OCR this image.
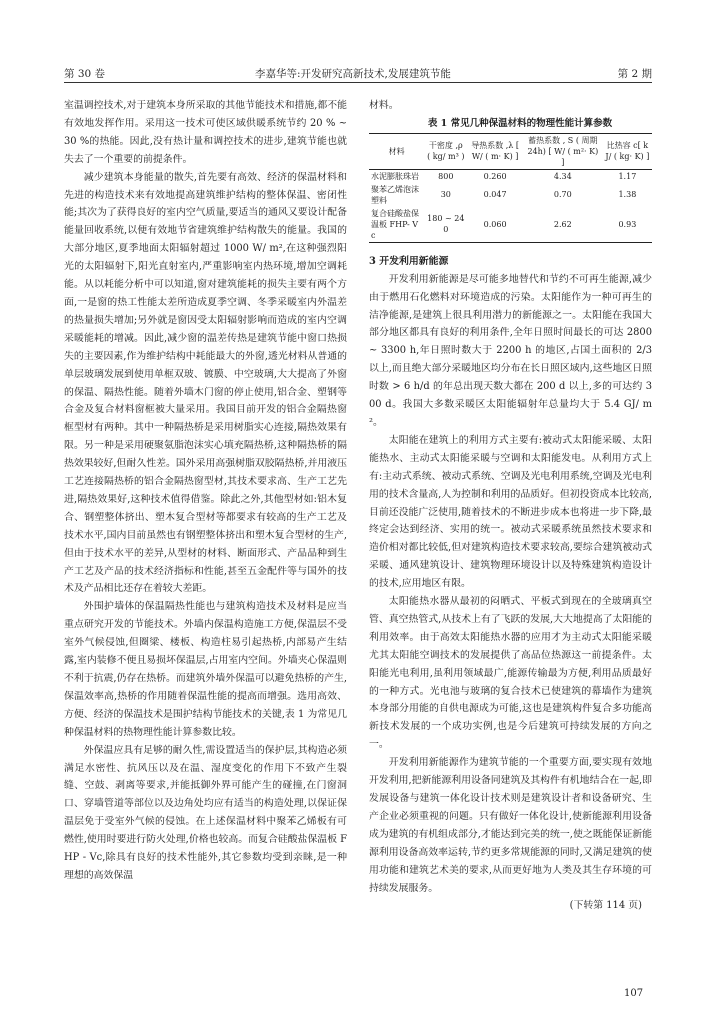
第 30 卷	李嘉华等:开发研究高新技术,发展建筑节能	第 2 期

室温调控技术,对于建筑本身所采取的其他节能技术和措施,都不能有效地发挥作用。采用这一技术可使区域供暖系统节约 20 % ~ 30 %的热能。因此,没有热计量和调控技术的进步,建筑节能也就失去了一个重要的前提条件。

减少建筑本身能量的散失,首先要有高效、经济的保温材料和先进的构造技术来有效地提高建筑维护结构的整体保温、密闭性能;其次为了获得良好的室内空气质量,要适当的通风又要设计配备能量回收系统,以便有效地节省建筑维护结构散失的能量。我国的大部分地区,夏季地面太阳辐射超过 1000 W/ m²,在这种强烈阳光的太阳辐射下,阳光直射室内,严重影响室内热环境,增加空调耗能。从以耗能分析中可以知道,窗对建筑能耗的损失主要有两个方面,一是窗的热工性能太差所造成夏季空调、冬季采暖室内外温差的热量损失增加;另外就是窗因受太阳辐射影响而造成的室内空调采暖能耗的增减。因此,减少窗的温差传热是建筑节能中窗口热损失的主要因素,作为维护结构中耗能最大的外窗,透光材料从普通的单层玻璃发展到使用单框双玻、镀膜、中空玻璃,大大提高了外窗的保温、隔热性能。随着外墙木门窗的停止使用,铝合金、塑钢等合金及复合材料窗框被大量采用。我国目前开发的铝合金隔热窗框型材有两种。其中一种隔热桥是采用树脂实心连接,隔热效果有限。另一种是采用硬聚氨脂泡沫实心填充隔热桥,这种隔热桥的隔热效果较好,但耐久性差。国外采用高强树脂双胶隔热桥,并用液压工艺连接隔热桥的铝合金隔热窗型材,其技术要求高、生产工艺先进,隔热效果好,这种技术值得借鉴。除此之外,其他型材如:铝木复合、钢塑整体挤出、塑木复合型材等都要求有较高的生产工艺及技术水平,国内目前虽然也有钢塑整体挤出和塑木复合型材的生产,但由于技术水平的差异,从型材的材料、断面形式、产品品种到生产工艺及产品的技术经济指标和性能,甚至五金配件等与国外的技术及产品相比还存在着较大差距。

外围护墙体的保温隔热性能也与建筑构造技术及材料是应当重点研究开发的节能技术。外墙内保温构造施工方便,保温层不受室外气候侵蚀,但圈梁、楼板、构造柱易引起热桥,内部易产生结露,室内装修不便且易损坏保温层,占用室内空间。外墙夹心保温则不利于抗震,仍存在热桥。而建筑外墙外保温可以避免热桥的产生,保温效率高,热桥的作用随着保温性能的提高而增强。选用高效、方便、经济的保温技术是围护结构节能技术的关键,表 1 为常见几种保温材料的热物理性能计算参数比较。

外保温应具有足够的耐久性,需设置适当的保护层,其构造必须满足水密性、抗风压以及在温、湿度变化的作用下不致产生裂缝、空鼓、剥离等要求,并能抵御外界可能产生的碰撞,在门窗洞口、穿墙管道等部位以及边角处均应有适当的构造处理,以保证保温层免于受室外气候的侵蚀。在上述保温材料中聚苯乙烯板有可燃性,使用时要进行防火处理,价格也较高。而复合硅酸盐保温板 FHP - Vc,除具有良好的技术性能外,其它参数均受到亲睐,是一种理想的高效保温

材料。

表 1 常见几种保温材料的物理性能计算参数

材料	干密度 ,ρ ( kg/ m³ )	导热系数 ,λ [ W/ ( m· K) ]	蓄热系数 , S ( 周期 24h) [ W/ ( m²· K) ]	比热容 c[ kJ/ ( kg· K) ]
水泥膨胀珠岩	800	0.260	4.34	1.17
聚苯乙烯泡沫塑料	30	0.047	0.70	1.38
复合硅酸盐保温板 FHP- Vc	180 ~ 240	0.060	2.62	0.93

3 开发利用新能源

开发利用新能源是尽可能多地替代和节约不可再生能源,减少由于燃用石化燃料对环境造成的污染。太阳能作为一种可再生的洁净能源,是建筑上很具利用潜力的新能源之一。太阳能在我国大部分地区都具有良好的利用条件,全年日照时间最长的可达 2800 ~ 3300 h,年日照时数大于 2200 h 的地区,占国土面积的 2/3 以上,而且绝大部分采暖地区均分布在长日照区域内,这些地区日照时数 > 6 h/d 的年总出现天数大都在 200 d 以上,多的可达约 300 d。我国大多数采暖区太阳能辐射年总量均大于 5.4 GJ/ m²。

太阳能在建筑上的利用方式主要有:被动式太阳能采暖、太阳能热水、主动式太阳能采暖与空调和太阳能发电。从利用方式上有:主动式系统、被动式系统、空调及光电利用系统,空调及光电利用的技术含量高,人为控制和利用的品质好。但初投资成本比较高,目前还没能广泛使用,随着技术的不断进步成本也将进一步下降,最终定会达到经济、实用的统一。被动式采暖系统虽然技术要求和造价相对都比较低,但对建筑构造技术要求较高,要综合建筑被动式采暖、通风建筑设计、建筑物理环境设计以及特殊建筑构造设计的技术,应用地区有限。

太阳能热水器从最初的闷晒式、平板式到现在的全玻璃真空管、真空热管式,从技术上有了飞跃的发展,大大地提高了太阳能的利用效率。由于高效太阳能热水器的应用才为主动式太阳能采暖尤其太阳能空调技术的发展提供了高品位热源这一前提条件。太阳能光电利用,虽利用领域最广,能源传输最为方便,利用品质最好的一种方式。光电池与玻璃的复合技术已使建筑的幕墙作为建筑本身部分用能的自供电源成为可能,这也是建筑构件复合多功能高新技术发展的一个成功实例,也是今后建筑可持续发展的方向之一。

开发利用新能源作为建筑节能的一个重要方面,要实现有效地开发利用,把新能源利用设备同建筑及其构件有机地结合在一起,即发展设备与建筑一体化设计技术则是建筑设计者和设备研究、生产企业必须重视的问题。只有做好一体化设计,使新能源利用设备成为建筑的有机组成部分,才能达到完美的统一,使之既能保证新能源利用设备高效率运转,节约更多常规能源的同时,又满足建筑的使用功能和建筑艺术美的要求,从而更好地为人类及其生存环境的可持续发展服务。

(下转第 114 页)

107
